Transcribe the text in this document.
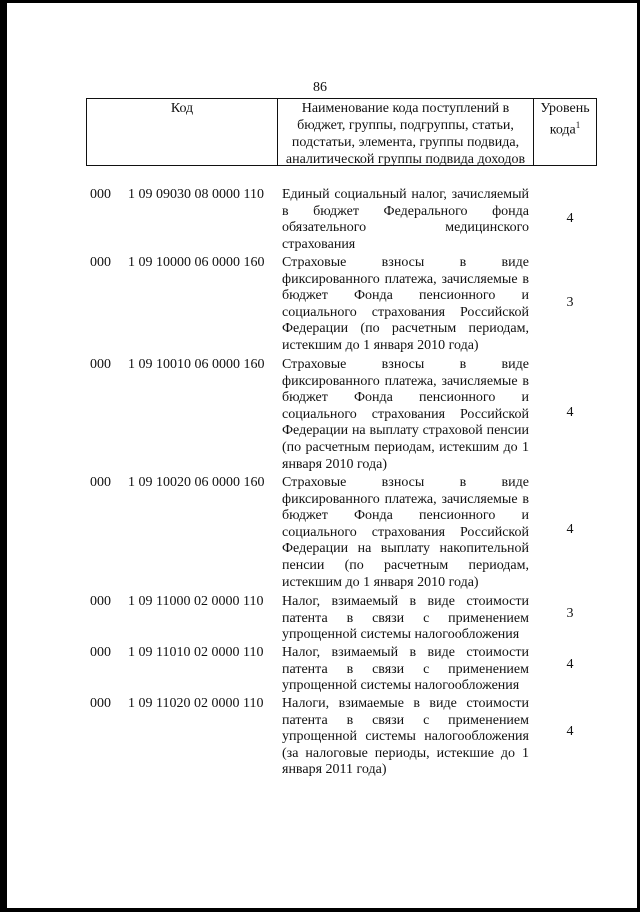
86
Код	Наименование кода поступлений в бюджет, группы, подгруппы, статьи, подстатьи, элемента, группы подвида, аналитической группы подвида доходов
Уровень кода$^1$
000 1 09 09030 08 0000 110 Единый социальный налог, зачисляемый в бюджет Федерального фонда обязательного медицинского страхования
4
000 1 09 10000 06 0000 160 Страховые взносы в виде фиксированного платежа, зачисляемые в бюджет Фонда пенсионного и социального страхования Российской Федерации (по расчетным периодам, истекшим до 1 января 2010 года)
3
000 1 09 10010 06 0000 160 Страховые взносы в виде фиксированного платежа, зачисляемые в бюджет Фонда пенсионного и социального страхования Российской Федерации на выплату страховой пенсии (по расчетным периодам, истекшим до 1 января 2010 года)
4
000 1 09 10020 06 0000 160 Страховые взносы в виде фиксированного платежа, зачисляемые в бюджет Фонда пенсионного и социального страхования Российской Федерации на выплату накопительной пенсии (по расчетным периодам, истекшим до 1 января 2010 года)
4
000 1 09 11000 02 0000 110 Налог, взимаемый в виде стоимости патента в связи с применением упрощенной системы налогообложения
3
000 1 09 11010 02 0000 110 Налог, взимаемый в виде стоимости патента в связи с применением упрощенной системы налогообложения
4
000 1 09 11020 02 0000 110 Налоги, взимаемые в виде стоимости патента в связи с применением упрощенной системы налогообложения (за налоговые периоды, истекшие до 1 января 2011 года)
4
